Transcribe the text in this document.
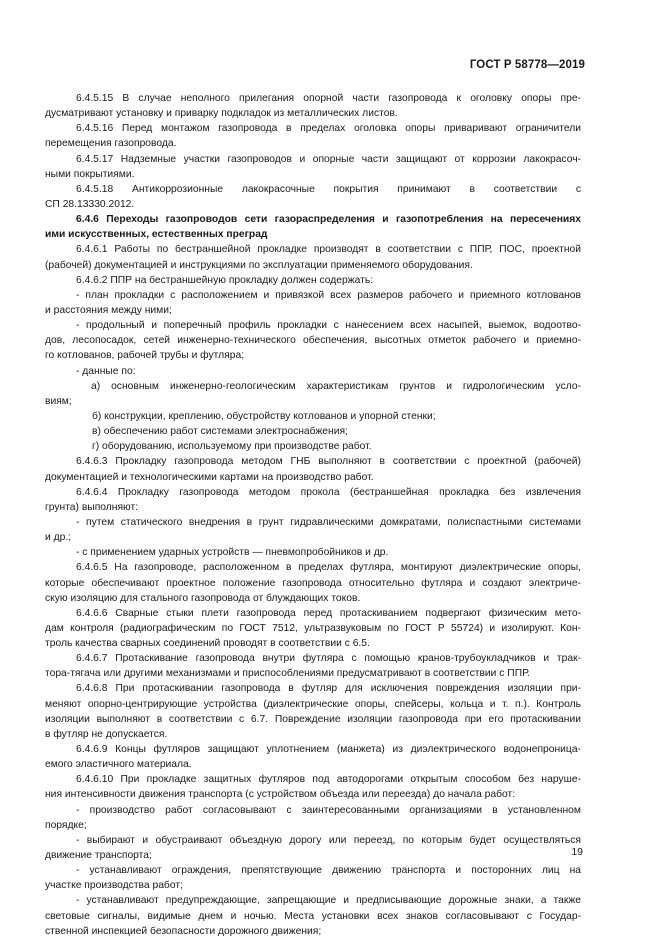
ГОСТ Р 58778—2019
6.4.5.15 В случае неполного прилегания опорной части газопровода к оголовку опоры пре-
дусматривают установку и приварку подкладок из металлических листов.
6.4.5.16 Перед монтажом газопровода в пределах оголовка опоры приваривают ограничители
перемещения газопровода.
6.4.5.17 Надземные участки газопроводов и опорные части защищают от коррозии лакокрасоч-
ными покрытиями.
6.4.5.18 Антикоррозионные лакокрасочные покрытия принимают в соответствии с
СП 28.13330.2012.
6.4.6 Переходы газопроводов сети газораспределения и газопотребления на пересечениях
ими искусственных, естественных преград
6.4.6.1 Работы по бестраншейной прокладке производят в соответствии с ППР, ПОС, проектной
(рабочей) документацией и инструкциями по эксплуатации применяемого оборудования.
6.4.6.2 ППР на бестраншейную прокладку должен содержать:
- план прокладки с расположением и привязкой всех размеров рабочего и приемного котлованов
и расстояния между ними;
- продольный и поперечный профиль прокладки с нанесением всех насыпей, выемок, водоотво-
дов, лесопосадок, сетей инженерно-технического обеспечения, высотных отметок рабочего и приемно-
го котлованов, рабочей трубы и футляра;
- данные по:
а) основным инженерно-геологическим характеристикам грунтов и гидрологическим усло-
виям;
б) конструкции, креплению, обустройству котлованов и упорной стенки;
в) обеспечению работ системами электроснабжения;
г) оборудованию, используемому при производстве работ.
6.4.6.3 Прокладку газопровода методом ГНБ выполняют в соответствии с проектной (рабочей)
документацией и технологическими картами на производство работ.
6.4.6.4 Прокладку газопровода методом прокола (бестраншейная прокладка без извлечения
грунта) выполняют:
- путем статического внедрения в грунт гидравлическими домкратами, полиспастными системами
и др.;
- с применением ударных устройств — пневмопробойников и др.
6.4.6.5 На газопроводе, расположенном в пределах футляра, монтируют диэлектрические опоры,
которые обеспечивают проектное положение газопровода относительно футляра и создают электриче-
скую изоляцию для стального газопровода от блуждающих токов.
6.4.6.6 Сварные стыки плети газопровода перед протаскиванием подвергают физическим мето-
дам контроля (радиографическим по ГОСТ 7512, ультразвуковым по ГОСТ Р 55724) и изолируют. Кон-
троль качества сварных соединений проводят в соответствии с 6.5.
6.4.6.7 Протаскивание газопровода внутри футляра с помощью кранов-трубоукладчиков и трак-
тора-тягача или другими механизмами и приспособлениями предусматривают в соответствии с ППР.
6.4.6.8 При протаскивании газопровода в футляр для исключения повреждения изоляции при-
меняют опорно-центрирующие устройства (диэлектрические опоры, спейсеры, кольца и т. п.). Контроль
изоляции выполняют в соответствии с 6.7. Повреждение изоляции газопровода при его протаскивании
в футляр не допускается.
6.4.6.9 Концы футляров защищают уплотнением (манжета) из диэлектрического водонепроница-
емого эластичного материала.
6.4.6.10 При прокладке защитных футляров под автодорогами открытым способом без наруше-
ния интенсивности движения транспорта (с устройством объезда или переезда) до начала работ:
- производство работ согласовывают с заинтересованными организациями в установленном
порядке;
- выбирают и обустраивают объездную дорогу или переезд, по которым будет осуществляться
движение транспорта;
- устанавливают ограждения, препятствующие движению транспорта и посторонних лиц на
участке производства работ;
- устанавливают предупреждающие, запрещающие и предписывающие дорожные знаки, а также
световые сигналы, видимые днем и ночью. Места установки всех знаков согласовывают с Государ-
ственной инспекцией безопасности дорожного движения;
19
